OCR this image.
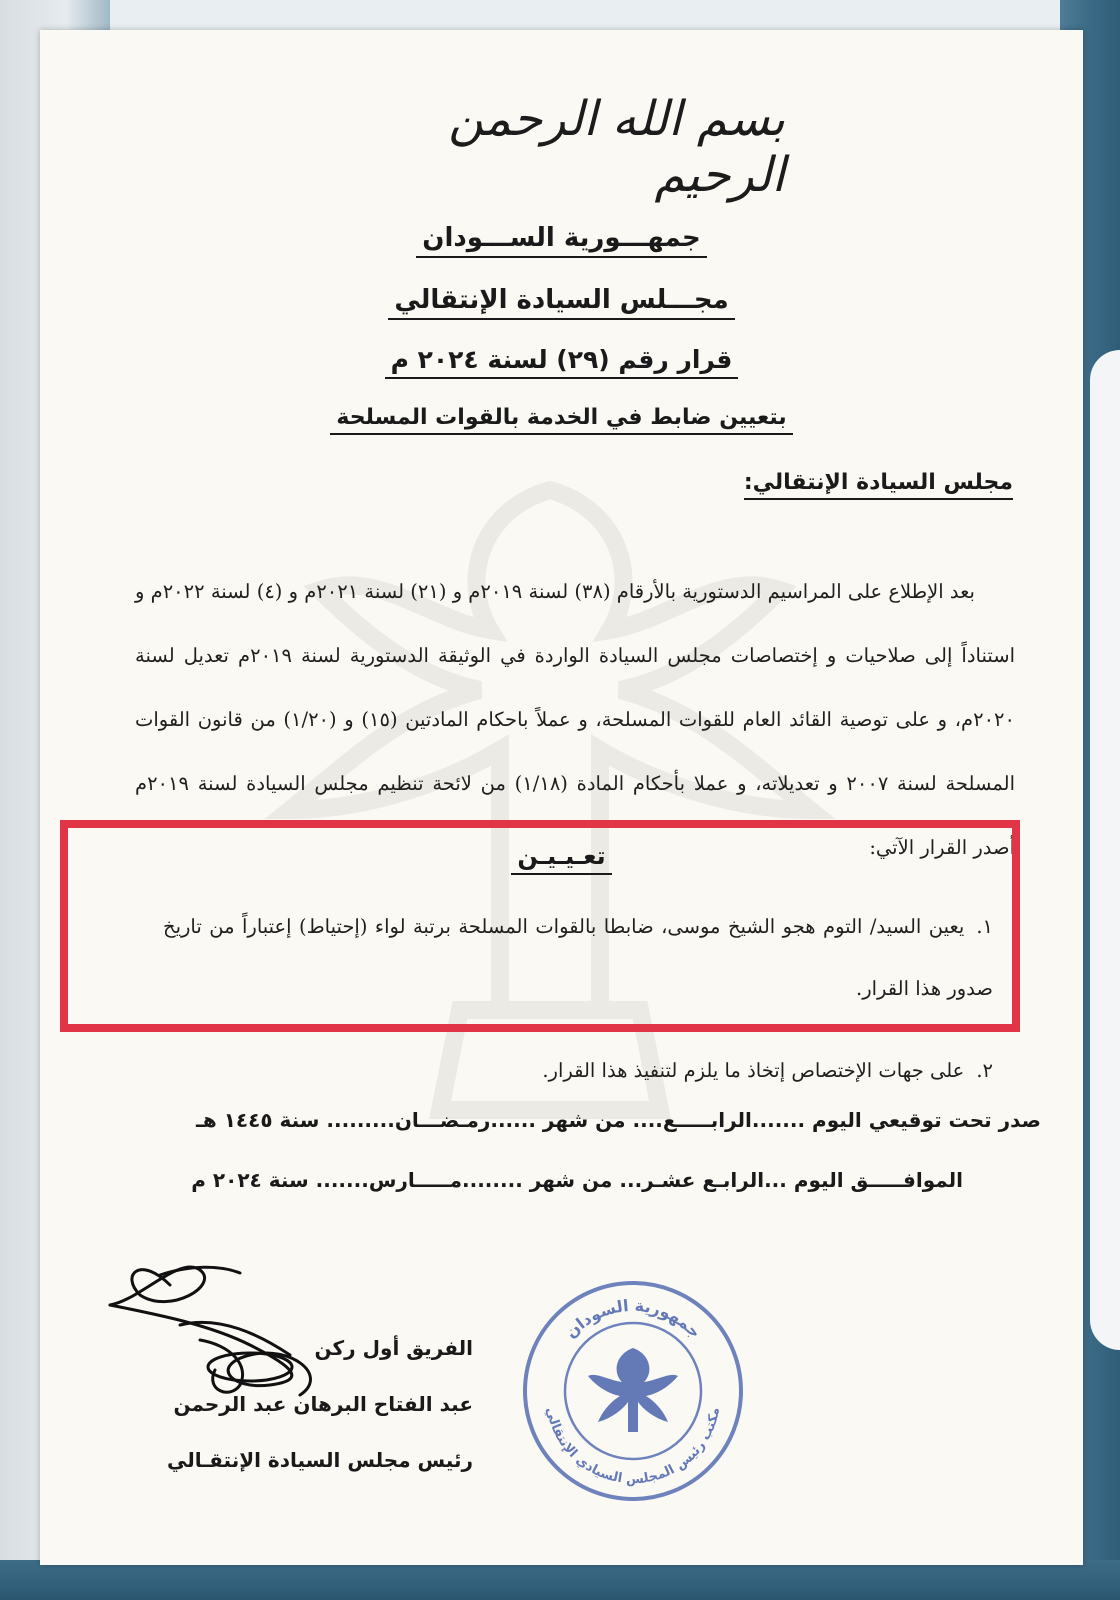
بسم الله الرحمن الرحيم
جمهـــورية الســـودان
مجـــلس السيادة الإنتقالي
قرار رقم (٢٩) لسنة ٢٠٢٤ م
بتعيين ضابط في الخدمة بالقوات المسلحة
مجلس السيادة الإنتقالي:

بعد الإطلاع على المراسيم الدستورية بالأرقام (٣٨) لسنة ٢٠١٩م و (٢١) لسنة ٢٠٢١م و (٤) لسنة ٢٠٢٢م و استناداً إلى صلاحيات و إختصاصات مجلس السيادة الواردة في الوثيقة الدستورية لسنة ٢٠١٩م تعديل لسنة ٢٠٢٠م، و على توصية القائد العام للقوات المسلحة، و عملاً باحكام المادتين (١٥) و (١/٢٠) من قانون القوات المسلحة لسنة ٢٠٠٧ و تعديلاته، و عملا بأحكام المادة (١/١٨) من لائحة تنظيم مجلس السيادة لسنة ٢٠١٩م أصدر القرار الآتي:

تعـيـيـن
١.يعين السيد/ التوم هجو الشيخ موسى، ضابطا بالقوات المسلحة برتبة لواء (إحتياط) إعتباراً من تاريخ صدور هذا القرار.
٢.على جهات الإختصاص إتخاذ ما يلزم لتنفيذ هذا القرار.
صدر تحت توقيعي اليوم .......الرابـــــع.... من شهر ......رمـضـــان......... سنة ١٤٤٥ هـ
الموافـــــق اليوم ...الرابـع عشـر... من شهر ........مـــــارس....... سنة ٢٠٢٤ م
الفريق أول ركن
عبد الفتاح البرهان عبد الرحمن
رئيس مجلس السيادة الإنتقـالي
جمهورية السودان
مكتب رئيس المجلس السيادي الإنتقالي
